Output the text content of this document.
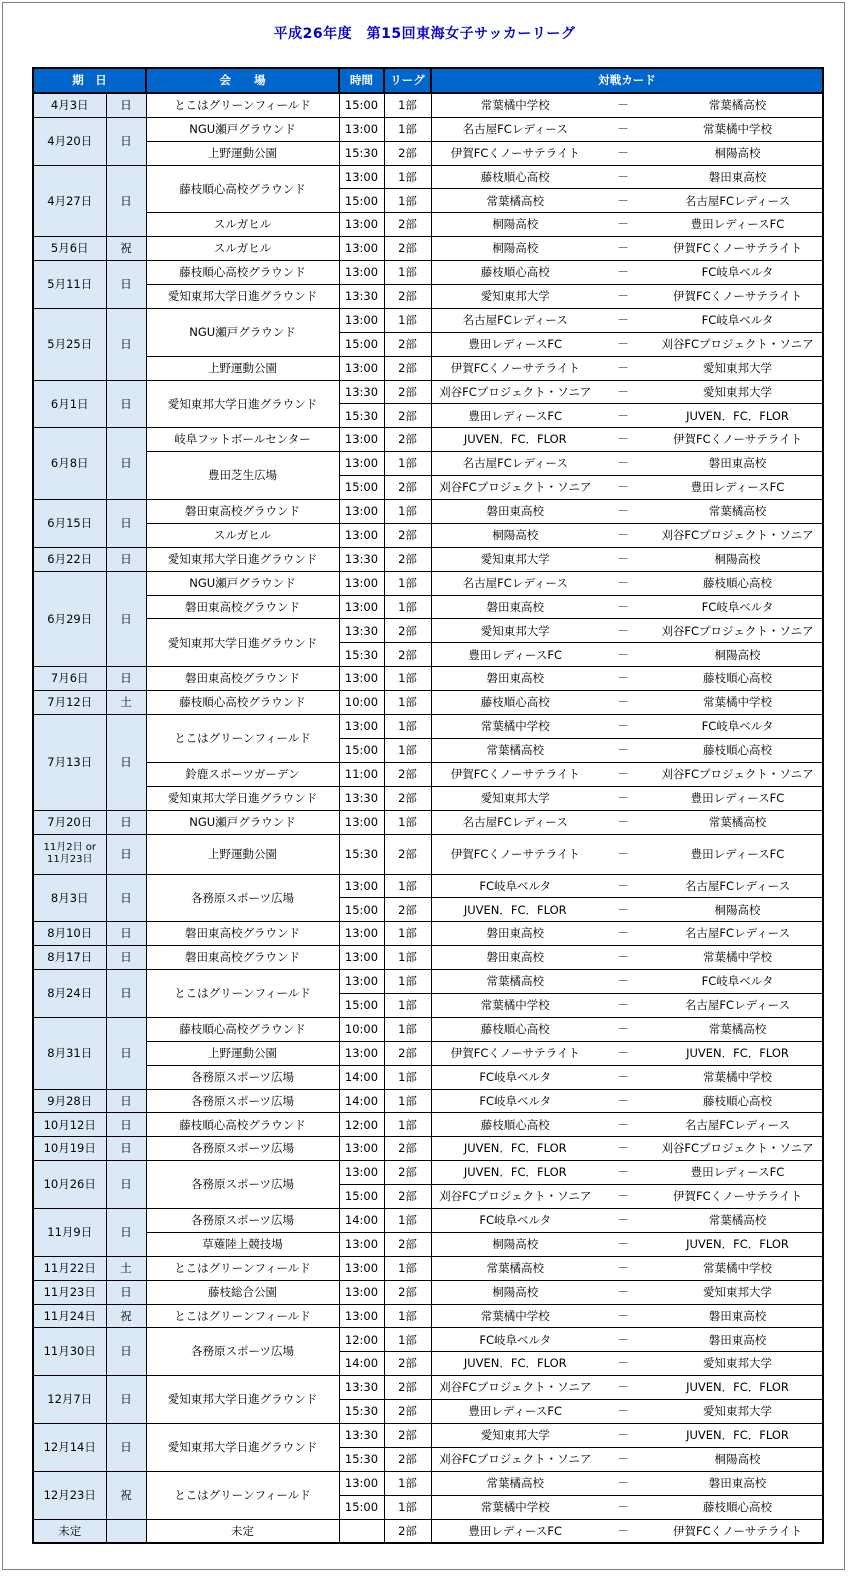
平成26年度　第15回東海女子サッカーリーグ
期　日		会　　場	時間	リーグ	対戦カード		
4月3日	日	とこはグリーンフィールド	15:00	1部	常葉橘中学校	－	常葉橘高校
4月20日	日	NGU瀬戸グラウンド	13:00	1部	名古屋FCレディース	－	常葉橘中学校
		上野運動公園	15:30	2部	伊賀FCくノーサテライト	－	桐陽高校
4月27日	日	藤枝順心高校グラウンド	13:00	1部	藤枝順心高校	－	磐田東高校
			15:00	1部	常葉橘高校	－	名古屋FCレディース
		スルガヒル	13:00	2部	桐陽高校	－	豊田レディースFC
5月6日	祝	スルガヒル	13:00	2部	桐陽高校	－	伊賀FCくノーサテライト
5月11日	日	藤枝順心高校グラウンド	13:00	1部	藤枝順心高校	－	FC岐阜ベルタ
		愛知東邦大学日進グラウンド	13:30	2部	愛知東邦大学	－	伊賀FCくノーサテライト
5月25日	日	NGU瀬戸グラウンド	13:00	1部	名古屋FCレディース	－	FC岐阜ベルタ
			15:00	2部	豊田レディースFC	－	刈谷FCプロジェクト・ソニア
		上野運動公園	13:00	2部	伊賀FCくノーサテライト	－	愛知東邦大学
6月1日	日	愛知東邦大学日進グラウンド	13:30	2部	刈谷FCプロジェクト・ソニア	－	愛知東邦大学
			15:30	2部	豊田レディースFC	－	JUVEN．FC．FLOR
6月8日	日	岐阜フットボールセンター	13:00	2部	JUVEN．FC．FLOR	－	伊賀FCくノーサテライト
		豊田芝生広場	13:00	1部	名古屋FCレディース	－	磐田東高校
			15:00	2部	刈谷FCプロジェクト・ソニア	－	豊田レディースFC
6月15日	日	磐田東高校グラウンド	13:00	1部	磐田東高校	－	常葉橘高校
		スルガヒル	13:00	2部	桐陽高校	－	刈谷FCプロジェクト・ソニア
6月22日	日	愛知東邦大学日進グラウンド	13:30	2部	愛知東邦大学	－	桐陽高校
6月29日	日	NGU瀬戸グラウンド	13:00	1部	名古屋FCレディース	－	藤枝順心高校
		磐田東高校グラウンド	13:00	1部	磐田東高校	－	FC岐阜ベルタ
		愛知東邦大学日進グラウンド	13:30	2部	愛知東邦大学	－	刈谷FCプロジェクト・ソニア
			15:30	2部	豊田レディースFC	－	桐陽高校
7月6日	日	磐田東高校グラウンド	13:00	1部	磐田東高校	－	藤枝順心高校
7月12日	土	藤枝順心高校グラウンド	10:00	1部	藤枝順心高校	－	常葉橘中学校
7月13日	日	とこはグリーンフィールド	13:00	1部	常葉橘中学校	－	FC岐阜ベルタ
			15:00	1部	常葉橘高校	－	藤枝順心高校
		鈴鹿スポーツガーデン	11:00	2部	伊賀FCくノーサテライト	－	刈谷FCプロジェクト・ソニア
		愛知東邦大学日進グラウンド	13:30	2部	愛知東邦大学	－	豊田レディースFC
7月20日	日	NGU瀬戸グラウンド	13:00	1部	名古屋FCレディース	－	常葉橘高校
11月2日 or 11月23日	日	上野運動公園	15:30	2部	伊賀FCくノーサテライト	－	豊田レディースFC
8月3日	日	各務原スポーツ広場	13:00	1部	FC岐阜ベルタ	－	名古屋FCレディース
			15:00	2部	JUVEN．FC．FLOR	－	桐陽高校
8月10日	日	磐田東高校グラウンド	13:00	1部	磐田東高校	－	名古屋FCレディース
8月17日	日	磐田東高校グラウンド	13:00	1部	磐田東高校	－	常葉橘中学校
8月24日	日	とこはグリーンフィールド	13:00	1部	常葉橘高校	－	FC岐阜ベルタ
			15:00	1部	常葉橘中学校	－	名古屋FCレディース
8月31日	日	藤枝順心高校グラウンド	10:00	1部	藤枝順心高校	－	常葉橘高校
		上野運動公園	13:00	2部	伊賀FCくノーサテライト	－	JUVEN．FC．FLOR
		各務原スポーツ広場	14:00	1部	FC岐阜ベルタ	－	常葉橘中学校
9月28日	日	各務原スポーツ広場	14:00	1部	FC岐阜ベルタ	－	藤枝順心高校
10月12日	日	藤枝順心高校グラウンド	12:00	1部	藤枝順心高校	－	名古屋FCレディース
10月19日	日	各務原スポーツ広場	13:00	2部	JUVEN．FC．FLOR	－	刈谷FCプロジェクト・ソニア
10月26日	日	各務原スポーツ広場	13:00	2部	JUVEN．FC．FLOR	－	豊田レディースFC
			15:00	2部	刈谷FCプロジェクト・ソニア	－	伊賀FCくノーサテライト
11月9日	日	各務原スポーツ広場	14:00	1部	FC岐阜ベルタ	－	常葉橘高校
		草薙陸上競技場	13:00	2部	桐陽高校	－	JUVEN．FC．FLOR
11月22日	土	とこはグリーンフィールド	13:00	1部	常葉橘高校	－	常葉橘中学校
11月23日	日	藤枝総合公園	13:00	2部	桐陽高校	－	愛知東邦大学
11月24日	祝	とこはグリーンフィールド	13:00	1部	常葉橘中学校	－	磐田東高校
11月30日	日	各務原スポーツ広場	12:00	1部	FC岐阜ベルタ	－	磐田東高校
			14:00	2部	JUVEN．FC．FLOR	－	愛知東邦大学
12月7日	日	愛知東邦大学日進グラウンド	13:30	2部	刈谷FCプロジェクト・ソニア	－	JUVEN．FC．FLOR
			15:30	2部	豊田レディースFC	－	愛知東邦大学
12月14日	日	愛知東邦大学日進グラウンド	13:30	2部	愛知東邦大学	－	JUVEN．FC．FLOR
			15:30	2部	刈谷FCプロジェクト・ソニア	－	桐陽高校
12月23日	祝	とこはグリーンフィールド	13:00	1部	常葉橘高校	－	磐田東高校
			15:00	1部	常葉橘中学校	－	藤枝順心高校
未定		未定		2部	豊田レディースFC	－	伊賀FCくノーサテライト
